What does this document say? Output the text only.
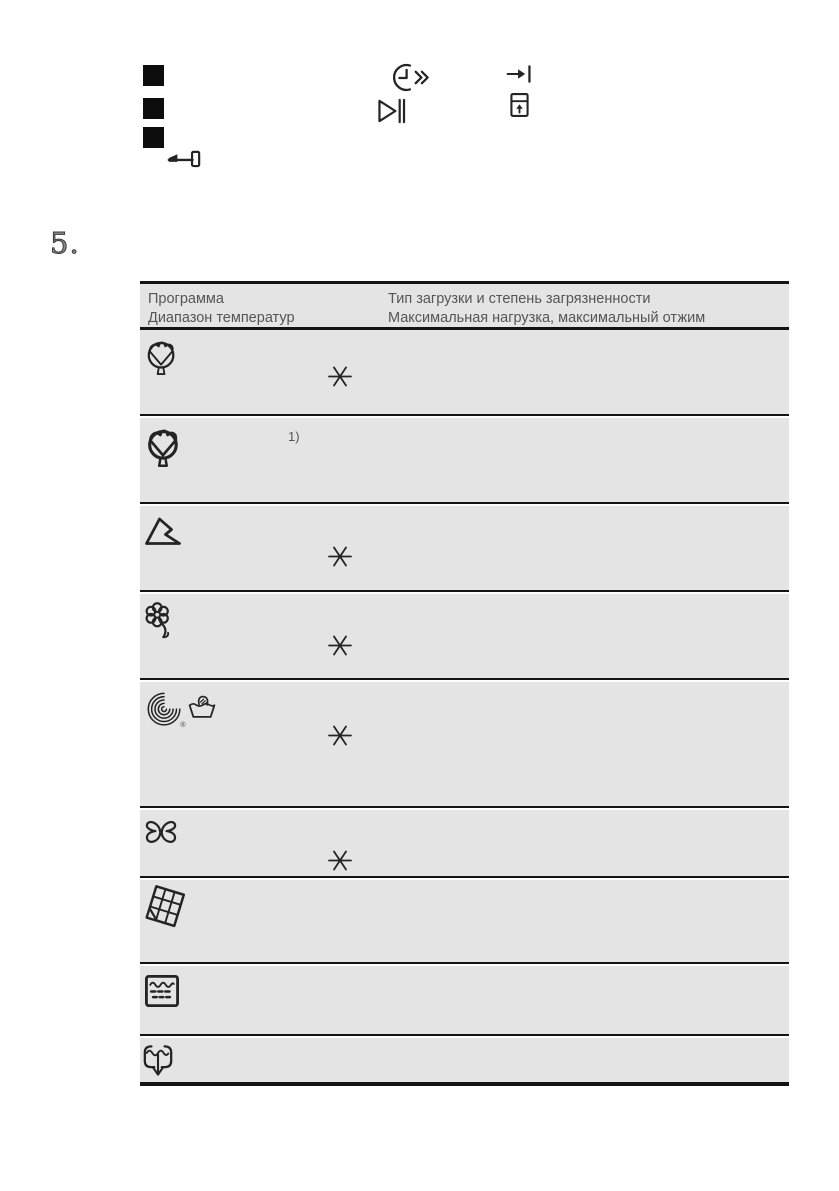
5.
Программа
Диапазон температур
Тип загрузки и степень загрязненности
Максимальная нагрузка, максимальный отжим
1)
®
